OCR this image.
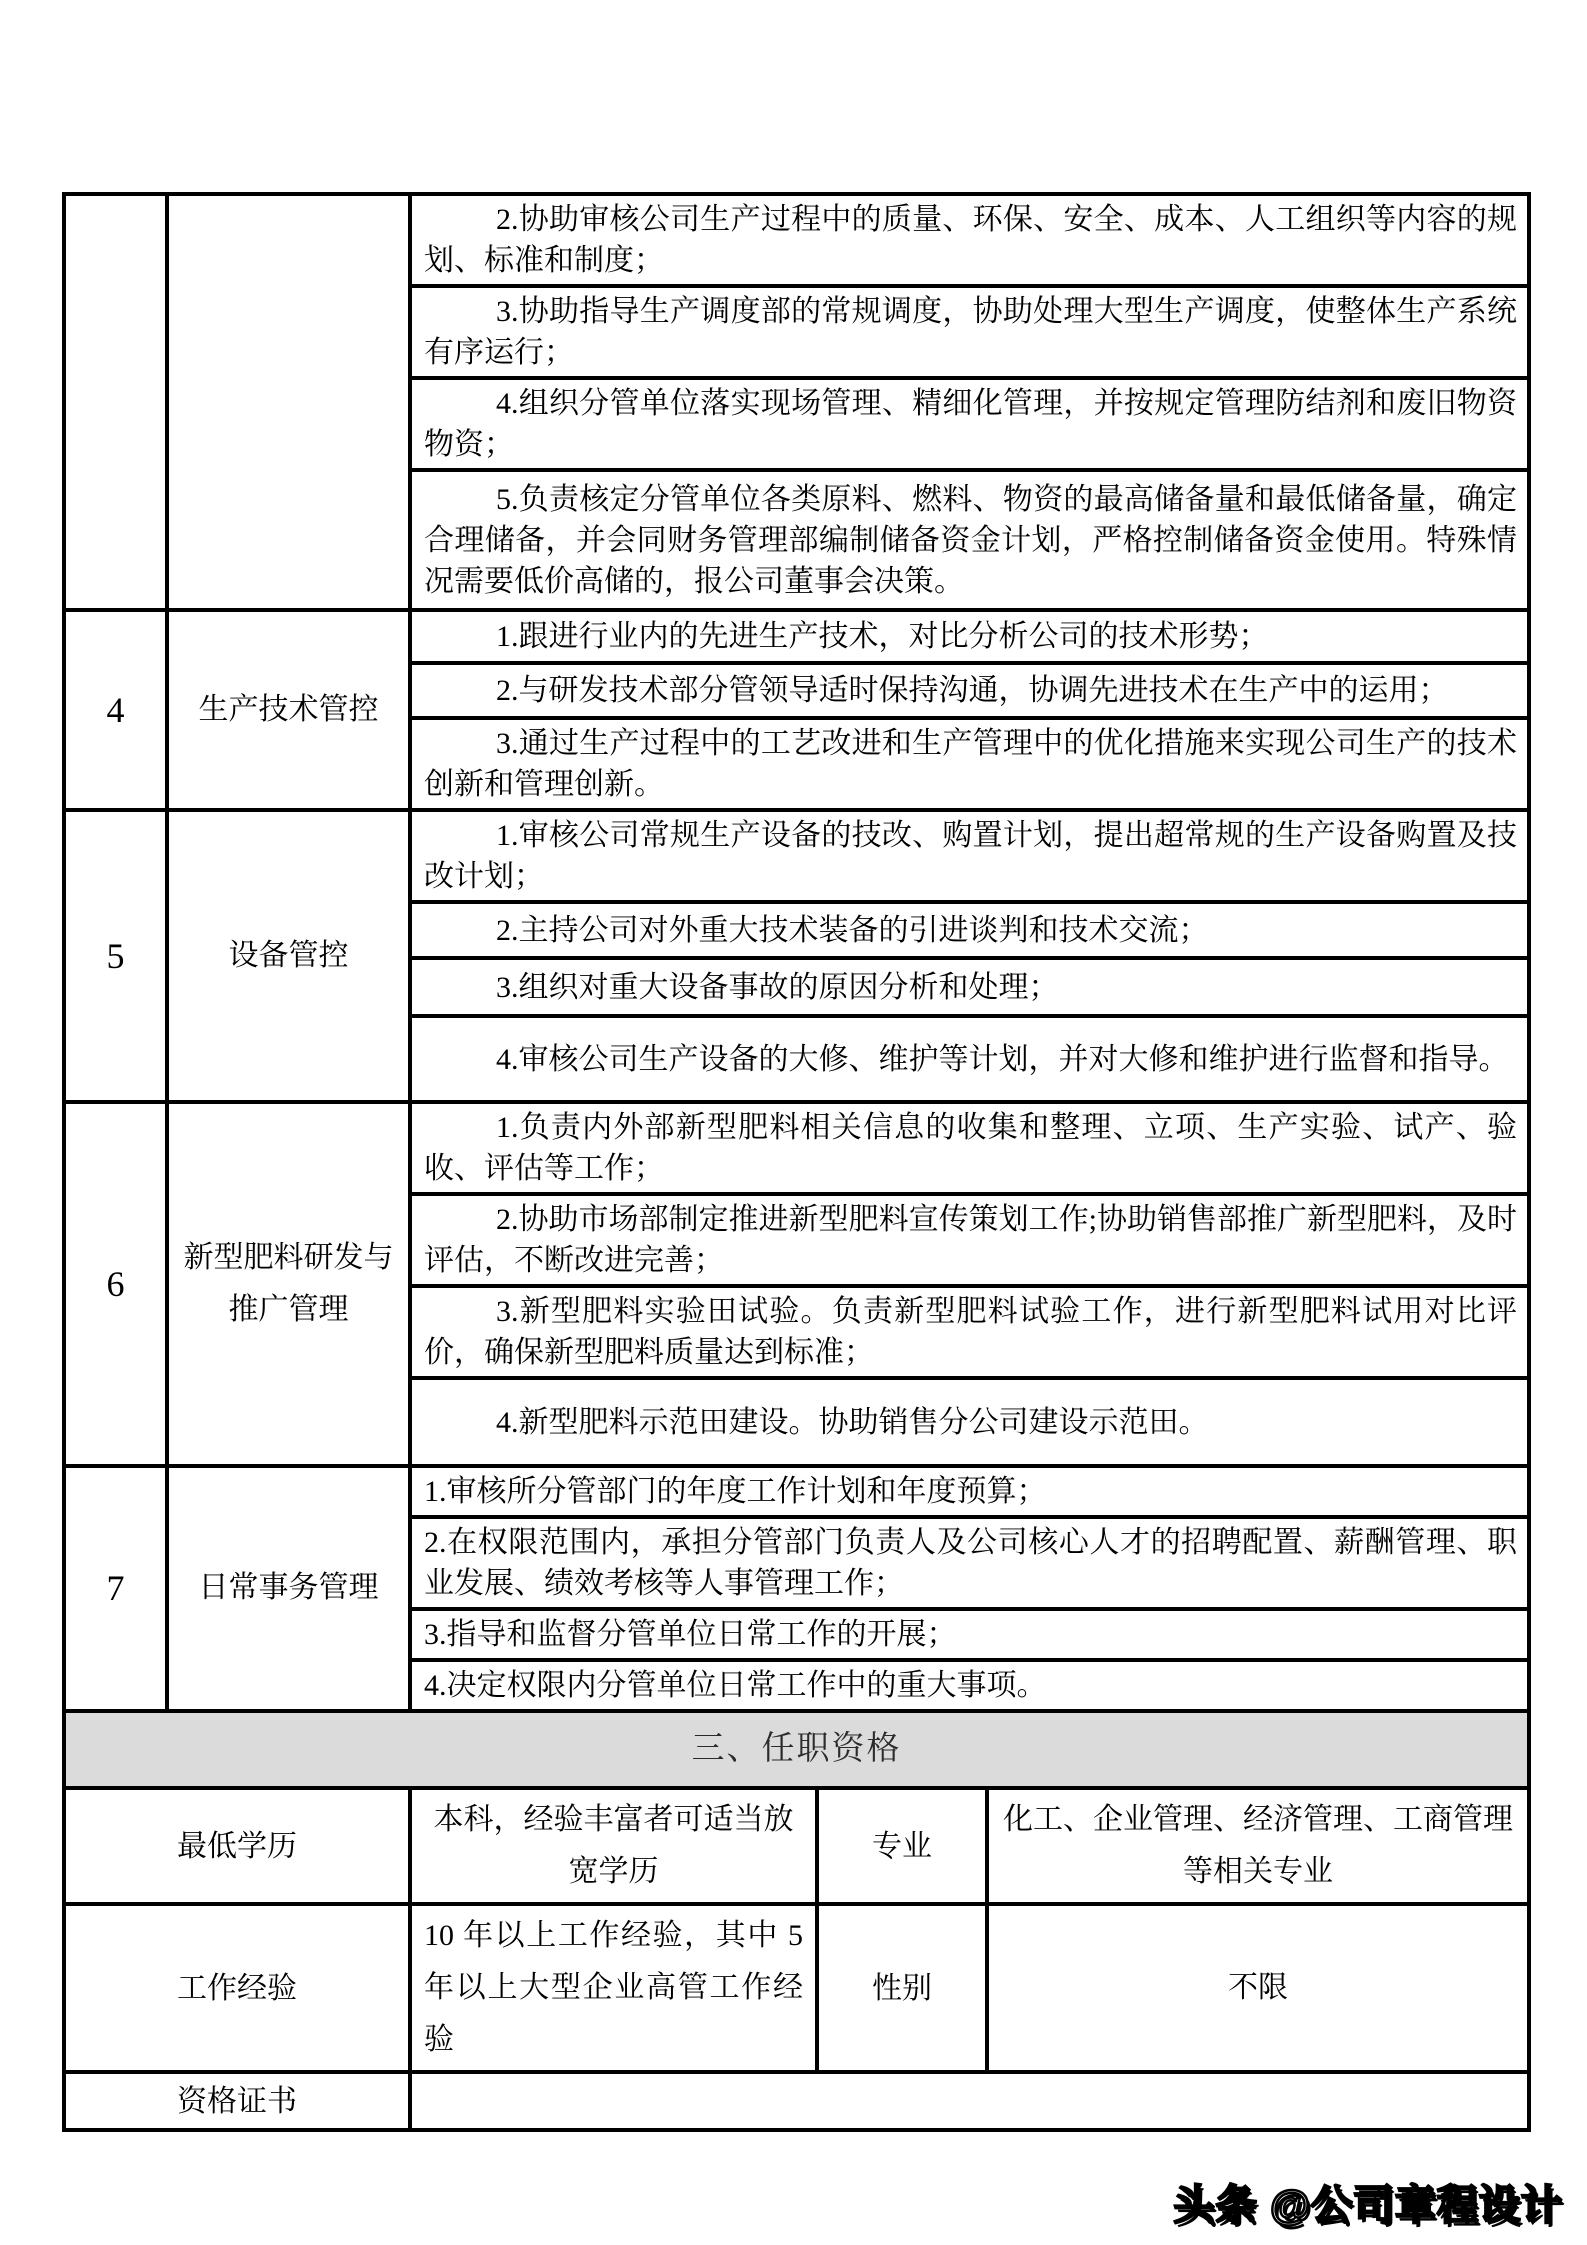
		2.协助审核公司生产过程中的质量、环保、安全、成本、人工组织等内容的规划、标准和制度；		
		3.协助指导生产调度部的常规调度，协助处理大型生产调度，使整体生产系统有序运行；		
		4.组织分管单位落实现场管理、精细化管理，并按规定管理防结剂和废旧物资物资；		
		5.负责核定分管单位各类原料、燃料、物资的最高储备量和最低储备量，确定合理储备，并会同财务管理部编制储备资金计划，严格控制储备资金使用。特殊情况需要低价高储的，报公司董事会决策。		
4	生产技术管控	1.跟进行业内的先进生产技术，对比分析公司的技术形势；		
		2.与研发技术部分管领导适时保持沟通，协调先进技术在生产中的运用；		
		3.通过生产过程中的工艺改进和生产管理中的优化措施来实现公司生产的技术创新和管理创新。		
5	设备管控	1.审核公司常规生产设备的技改、购置计划，提出超常规的生产设备购置及技改计划；		
		2.主持公司对外重大技术装备的引进谈判和技术交流；		
		3.组织对重大设备事故的原因分析和处理；		
		4.审核公司生产设备的大修、维护等计划，并对大修和维护进行监督和指导。		
6	新型肥料研发与推广管理	1.负责内外部新型肥料相关信息的收集和整理、立项、生产实验、试产、验收、评估等工作；		
		2.协助市场部制定推进新型肥料宣传策划工作;协助销售部推广新型肥料，及时评估，不断改进完善；		
		3.新型肥料实验田试验。负责新型肥料试验工作，进行新型肥料试用对比评价，确保新型肥料质量达到标准；		
		4.新型肥料示范田建设。协助销售分公司建设示范田。		
7	日常事务管理	1.审核所分管部门的年度工作计划和年度预算；		
		2.在权限范围内，承担分管部门负责人及公司核心人才的招聘配置、薪酬管理、职业发展、绩效考核等人事管理工作；		
		3.指导和监督分管单位日常工作的开展；		
		4.决定权限内分管单位日常工作中的重大事项。		
三、任职资格				
最低学历		本科，经验丰富者可适当放宽学历	专业	化工、企业管理、经济管理、工商管理等相关专业
工作经验		10 年以上工作经验，其中 5 年以上大型企业高管工作经验	性别	不限
资格证书				
头条 @公司章程设计
